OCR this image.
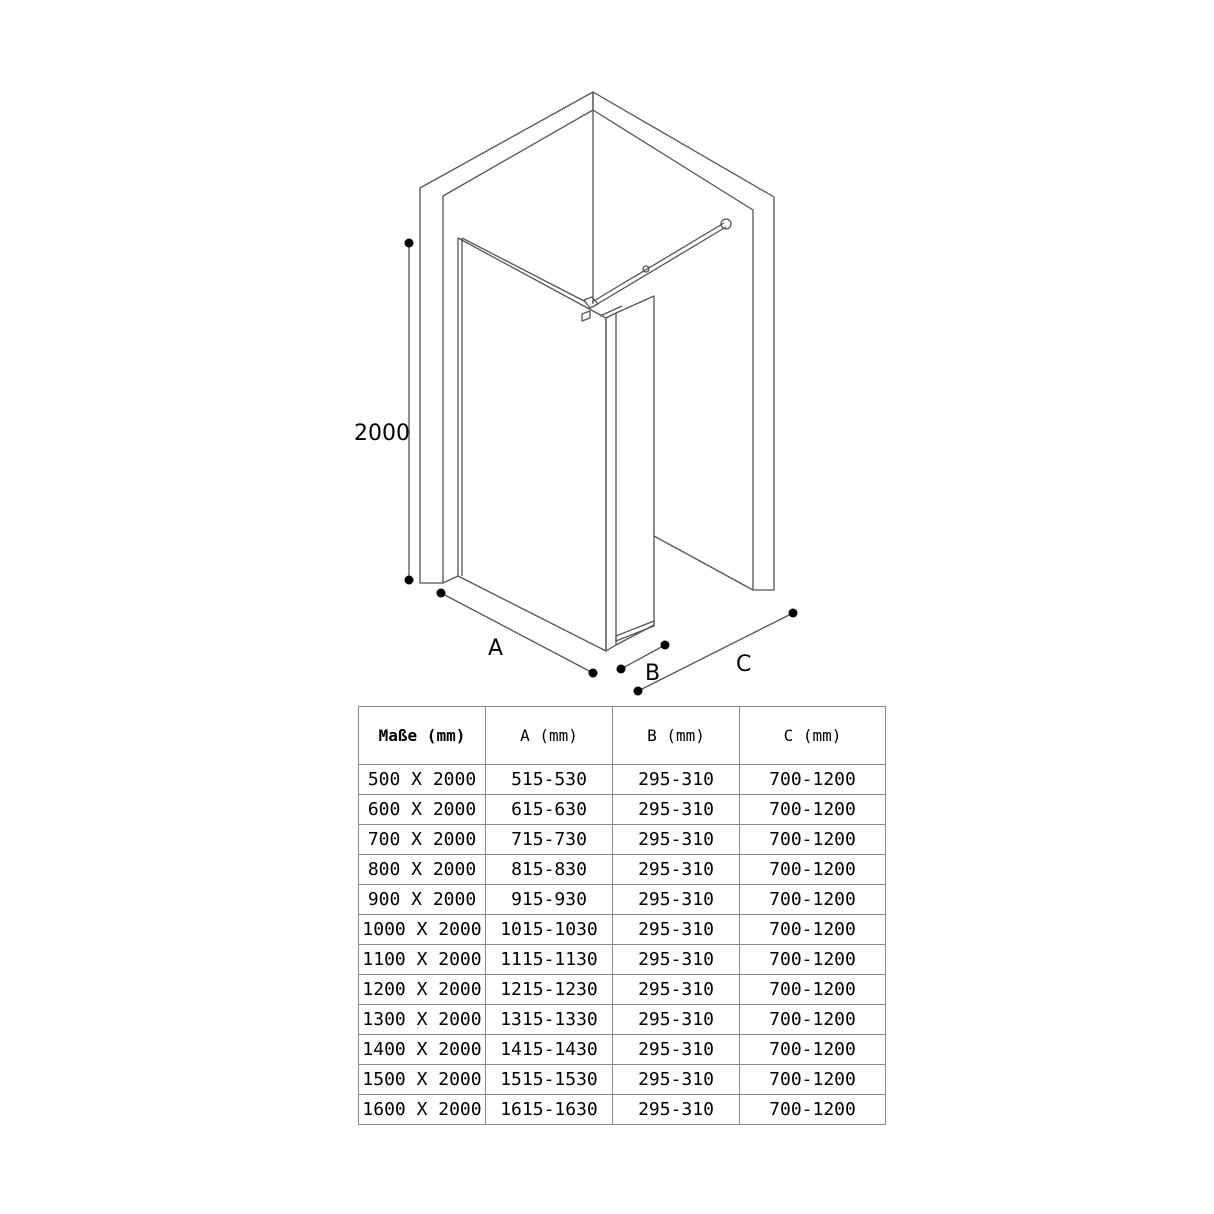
2000
A
B	C
Maße (mm)	A (mm)	B (mm)	C (mm)
500 X 2000	515-530	295-310	700-1200
600 X 2000	615-630	295-310	700-1200
700 X 2000	715-730	295-310	700-1200
800 X 2000	815-830	295-310	700-1200
900 X 2000	915-930	295-310	700-1200
1000 X 2000	1015-1030	295-310	700-1200
1100 X 2000	1115-1130	295-310	700-1200
1200 X 2000	1215-1230	295-310	700-1200
1300 X 2000	1315-1330	295-310	700-1200
1400 X 2000	1415-1430	295-310	700-1200
1500 X 2000	1515-1530	295-310	700-1200
1600 X 2000	1615-1630	295-310	700-1200
